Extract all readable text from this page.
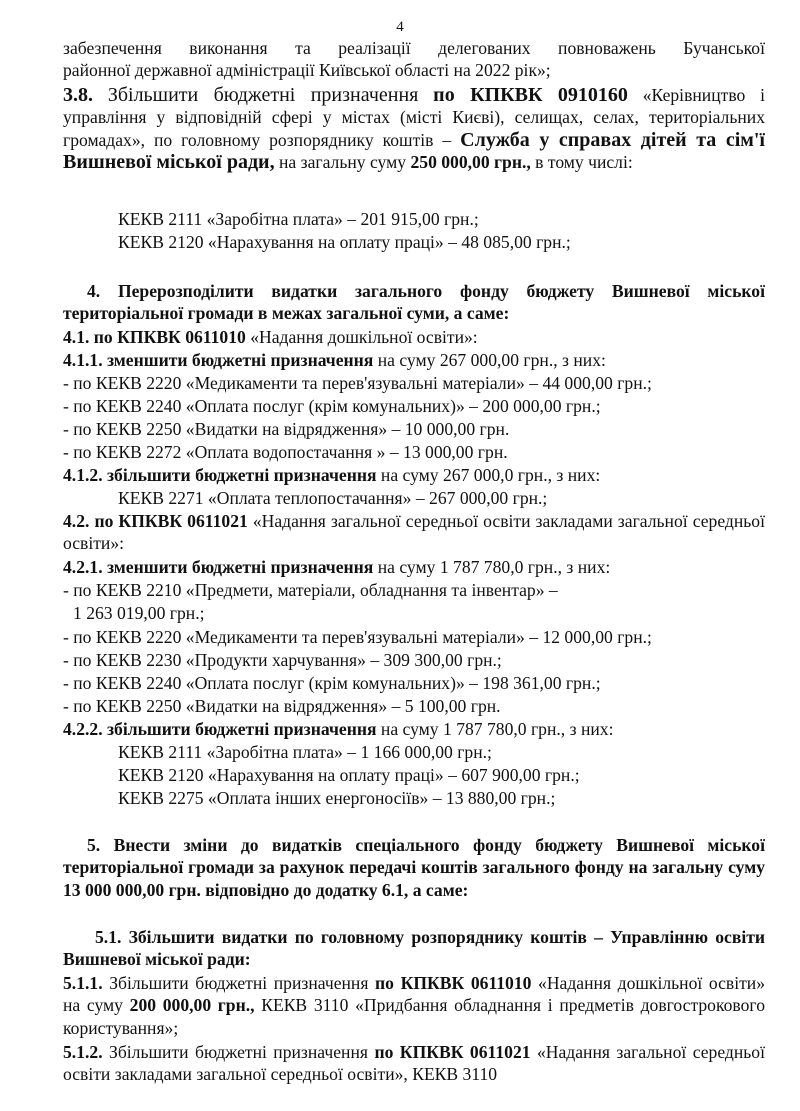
4
забезпечення виконання та реалізації делегованих повноважень Бучанської
районної державної адміністрації Київської області на 2022 рік»;
3.8. Збільшити бюджетні призначення по КПКВК 0910160 «Керівництво і управління у відповідній сфері у містах (місті Києві), селищах, селах, територіальних громадах», по головному розпоряднику коштів – Служба у справах дітей та сім'ї Вишневої міської ради, на загальну суму 250 000,00 грн., в тому числі:
КЕКВ 2111 «Заробітна плата» – 201 915,00 грн.;
КЕКВ 2120 «Нарахування на оплату праці» – 48 085,00 грн.;
4. Перерозподілити видатки загального фонду бюджету Вишневої міської територіальної громади в межах загальної суми, а саме:
4.1. по КПКВК 0611010 «Надання дошкільної освіти»:
4.1.1. зменшити бюджетні призначення на суму 267 000,00 грн., з них:
- по КЕКВ 2220 «Медикаменти та перев'язувальні матеріали» – 44 000,00 грн.;
- по КЕКВ 2240 «Оплата послуг (крім комунальних)» – 200 000,00 грн.;
- по КЕКВ 2250 «Видатки на відрядження» – 10 000,00 грн.
- по КЕКВ 2272 «Оплата водопостачання » – 13 000,00 грн.
4.1.2. збільшити бюджетні призначення на суму 267 000,0 грн., з них:
КЕКВ 2271 «Оплата теплопостачання» – 267 000,00 грн.;
4.2. по КПКВК 0611021 «Надання загальної середньої освіти закладами загальної середньої освіти»:
4.2.1. зменшити бюджетні призначення на суму 1 787 780,0 грн., з них:
- по КЕКВ 2210 «Предмети, матеріали, обладнання та інвентар» –
1 263 019,00 грн.;
- по КЕКВ 2220 «Медикаменти та перев'язувальні матеріали» – 12 000,00 грн.;
- по КЕКВ 2230 «Продукти харчування» – 309 300,00 грн.;
- по КЕКВ 2240 «Оплата послуг (крім комунальних)» – 198 361,00 грн.;
- по КЕКВ 2250 «Видатки на відрядження» – 5 100,00 грн.
4.2.2. збільшити бюджетні призначення на суму 1 787 780,0 грн., з них:
КЕКВ 2111 «Заробітна плата» – 1 166 000,00 грн.;
КЕКВ 2120 «Нарахування на оплату праці» – 607 900,00 грн.;
КЕКВ 2275 «Оплата інших енергоносіїв» – 13 880,00 грн.;
5. Внести зміни до видатків спеціального фонду бюджету Вишневої міської територіальної громади за рахунок передачі коштів загального фонду на загальну суму 13 000 000,00 грн. відповідно до додатку 6.1, а саме:
5.1. Збільшити видатки по головному розпоряднику коштів – Управлінню освіти Вишневої міської ради:
5.1.1. Збільшити бюджетні призначення по КПКВК 0611010 «Надання дошкільної освіти» на суму 200 000,00 грн., КЕКВ 3110 «Придбання обладнання і предметів довгострокового користування»;
5.1.2. Збільшити бюджетні призначення по КПКВК 0611021 «Надання загальної середньої освіти закладами загальної середньої освіти», КЕКВ 3110
